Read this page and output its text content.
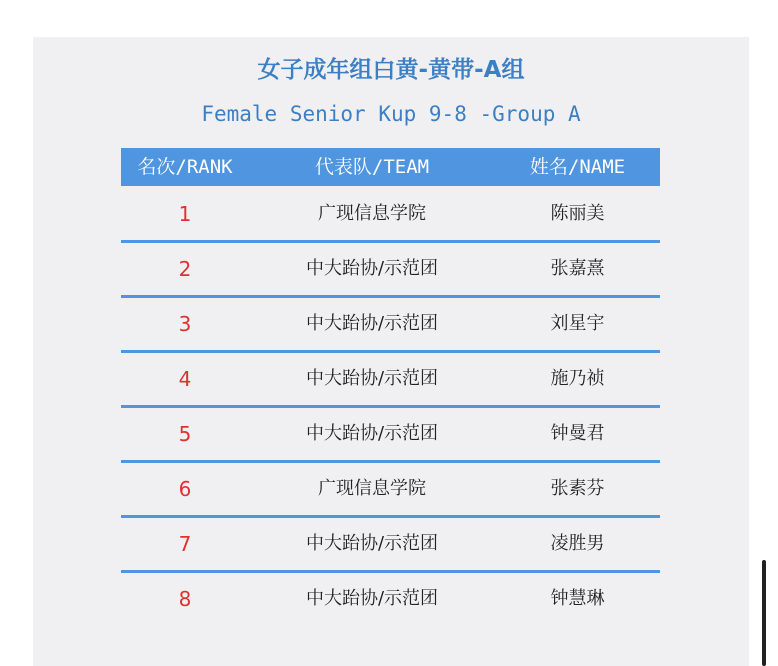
女子成年组白黄-黄带-A组
Female Senior Kup 9-8 -Group A
名次/RANK	代表队/TEAM	姓名/NAME
1	广现信息学院	陈丽美
2	中大跆协/示范团	张嘉熹
3	中大跆协/示范团	刘星宇
4	中大跆协/示范团	施乃祯
5	中大跆协/示范团	钟曼君
6	广现信息学院	张素芬
7	中大跆协/示范团	凌胜男
8	中大跆协/示范团	钟慧琳
